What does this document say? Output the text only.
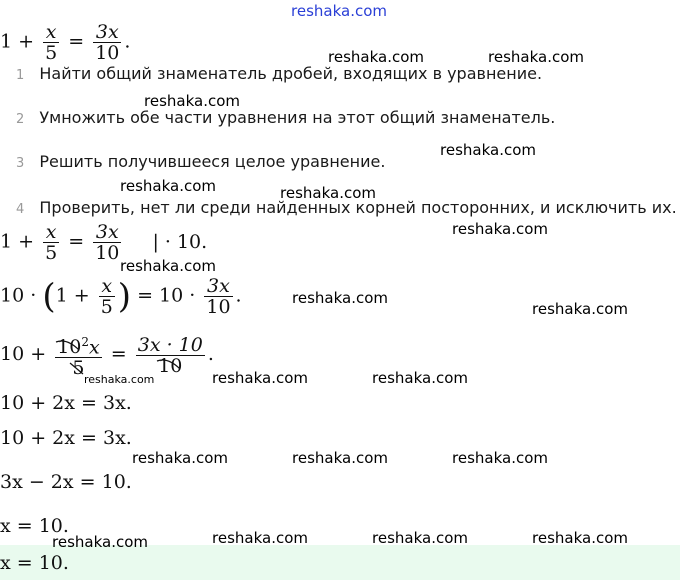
reshaka.com
$1 + \frac{x}{5} = \frac{3x}{10}$ .
1 Найти общий знаменатель дробей, входящих в уравнение.
2 Умножить обе части уравнения на этот общий знаменатель.
3 Решить получившееся целое уравнение.
4 Проверить, нет ли среди найденных корней посторонних, и исключить их.
$1 + \frac{x}{5} = \frac{3x}{10}$ | · 10.
$10 \cdot (1 + \frac{x}{5}$ ) = $10 \cdot \frac{3x}{10}$ .
10 + 10
$^2$x
$5 = \frac{3x \cdot 10}{10}$ .
10 + 2x = 3x.
10 + 2x = 3x.
3x − 2x = 10.
x = 10.
x = 10.
reshaka.com	reshaka.com
reshaka.com
reshaka.com
reshaka.com	reshaka.com
reshaka.com
reshaka.com
reshaka.com
reshaka.com
reshaka.com	reshaka.com	reshaka.com
reshaka.com	reshaka.com	reshaka.com
reshaka.com	reshaka.com	reshaka.com
reshaka.com
